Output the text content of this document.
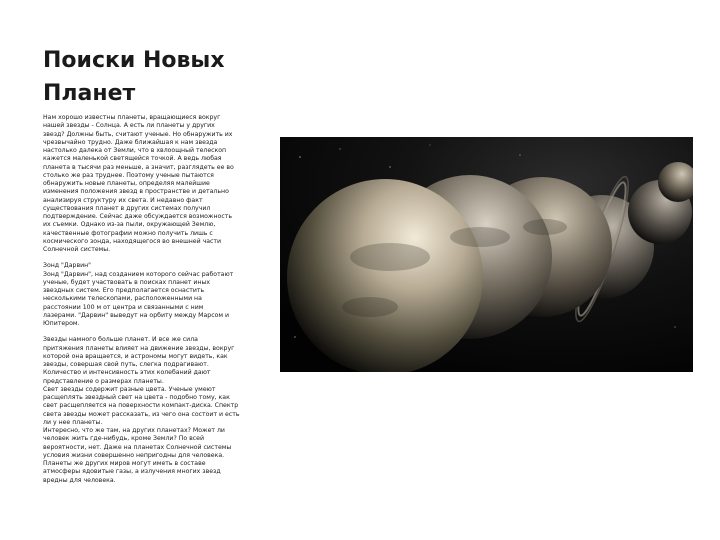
Поиски Новых
Планет

Нам хорошо известны планеты, вращающиеся вокруг
нашей звезды - Солнца. А есть ли планеты у других
звезд? Должны быть, считают ученые. Но обнаружить их
чрезвычайно трудно. Даже ближайшая к нам звезда
настолько далека от Земли, что в хвлоощный телескоп
кажется маленькой светящейся точкой. А ведь любая
планета в тысячи раз меньше, а значит, разглядеть ее во
столько же раз труднее. Поэтому ученые пытаются
обнаружить новые планеты, определяя малейшие
изменения положения звезд в пространстве и детально
анализируя структуру их света. И недавно факт
существования планет в других системах получил
подтверждение. Сейчас даже обсуждается возможность
их съемки. Однако из-за пыли, окружающей Землю,
качественные фотографии можно получить лишь с
космического зонда, находящегося во внешней части
Солнечной системы.

Зонд "Дарвин"
Зонд "Дарвин", над созданием которого сейчас работают
ученые, будет участвовать в поисках планет иных
звездных систем. Его предполагается оснастить
несколькими телескопами, расположенными на
расстоянии 100 м от центра и связанными с ним
лазерами. "Дарвин" выведут на орбиту между Марсом и
Юпитером.

Звезды намного больше планет. И все же сила
притяжения планеты влияет на движение звезды, вокруг
которой она вращается, и астрономы могут видеть, как
звезды, совершая свой путь, слегка подрагивают.
Количество и интенсивность этих колебаний дают
представление о размерах планеты.
Свет звезды содержит разные цвета. Ученые умеют
расщеплять звездный свет на цвета - подобно тому, как
свет расщепляется на поверхности компакт-диска. Спектр
света звезды может рассказать, из чего она состоит и есть
ли у нее планеты.
Интересно, что же там, на других планетах? Может ли
человек жить где-нибудь, кроме Земли? По всей
вероятности, нет. Даже на планетах Солнечной системы
условия жизни совершенно непригодны для человека.
Планеты же других миров могут иметь в составе
атмосферы ядовитые газы, а излучения многих звезд
вредны для человека.
